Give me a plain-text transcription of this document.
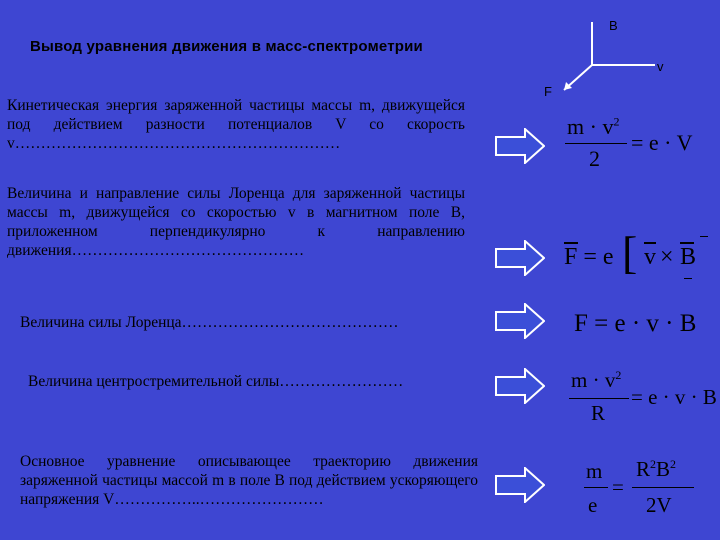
Вывод уравнения движения в масс-спектрометрии
B
v
F
Кинетическая энергия заряженной частицы массы m, движущейся под действием разности потенциалов V со скорость v………………………………………………………
Величина и направление силы Лоренца для заряженной частицы массы m, движущейся со скоростью v в магнитном поле B, приложенном перпендикулярно к направлению движения………………………………………
Величина силы Лоренца……………………………………
Величина центростремительной силы……………………
Основное уравнение описывающее траекторию движения заряженной частицы массой m в поле B под действием ускоряющего напряжения V……………..……………………
$m \cdot v^2$
2
= e · V
F = e [ v × B
F = e · v · B
$m \cdot v^2$
R
= e · v · B
m
e
=
$R^2B^2$
2V
